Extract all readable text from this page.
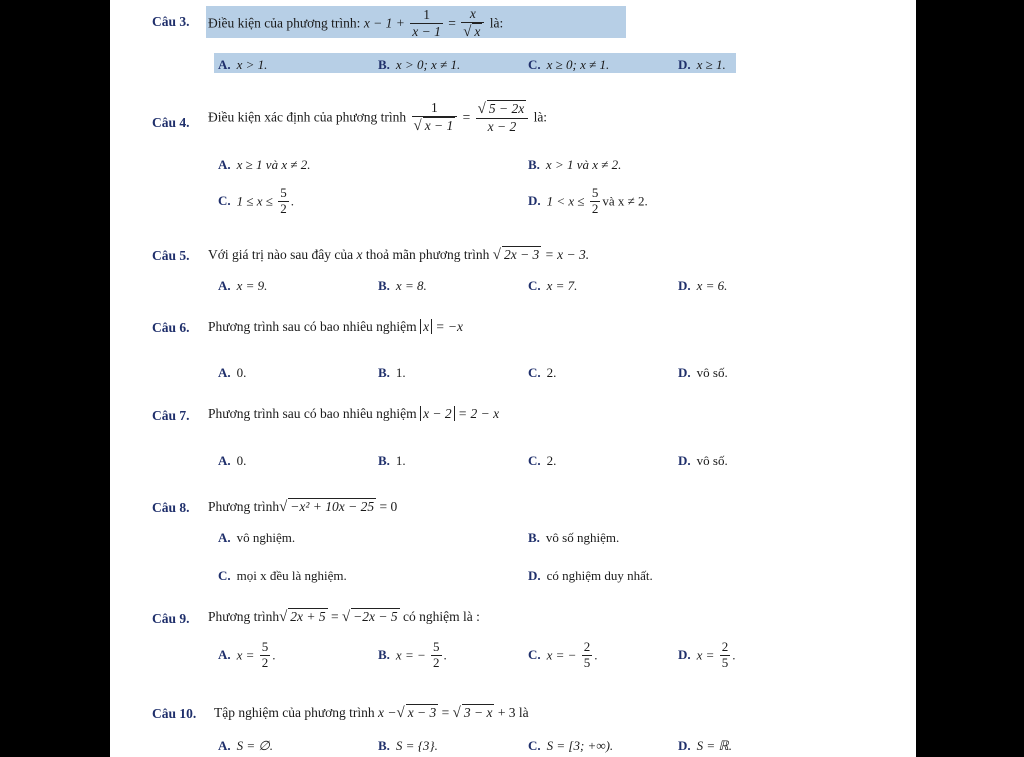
Câu 3. Điều kiện của phương trình: $x - 1 + \frac{1}{x - 1} = \frac{x}{√ x}$ là:
A. x > 1.	B. x > 0; x ≠ 1.	C. x ≥ 0; x ≠ 1.	D. x ≥ 1.
Câu 4. Điều kiện xác định của phương trình $\frac{1}{√ x - 1} = \frac{√ 5 - 2x}{x - 2}$ là:
A. x ≥ 1 và x ≠ 2.	B. x > 1 và x ≠ 2.
C. $1 \le x \le \frac{5}{2}$ .	D. $1 < x \le \frac{5}{2}$ và x ≠ 2.
Câu 5. Với giá trị nào sau đây của x thoả mãn phương trình √ 2x − 3 = x − 3.
A. x = 9.	B. x = 8.	C. x = 7.	D. x = 6.
Câu 6. Phương trình sau có bao nhiêu nghiệm x = −x
A. 0.	B. 1.	C. 2.	D. vô số.
Câu 7. Phương trình sau có bao nhiêu nghiệm x − 2 = 2 − x
A. 0.	B. 1.	C. 2.	D. vô số.
Câu 8. Phương trình√ −x² + 10x − 25 = 0
A. vô nghiệm.	B. vô số nghiệm.
C. mọi x đều là nghiệm.	D. có nghiệm duy nhất.
Câu 9. Phương trình√ 2x + 5 = √ −2x − 5 có nghiệm là :
A. $x = \frac{5}{2}$ .	B. x = − $\frac{5}{2}$ .	C. x = − $\frac{2}{5}$ .	D. $x = \frac{2}{5}$ .
Câu 10. Tập nghiệm của phương trình x −√ x − 3 = √ 3 − x + 3 là
A. S = ∅.	B. S = {3}.	C. S = [3; +∞).	D. S = ℝ.
